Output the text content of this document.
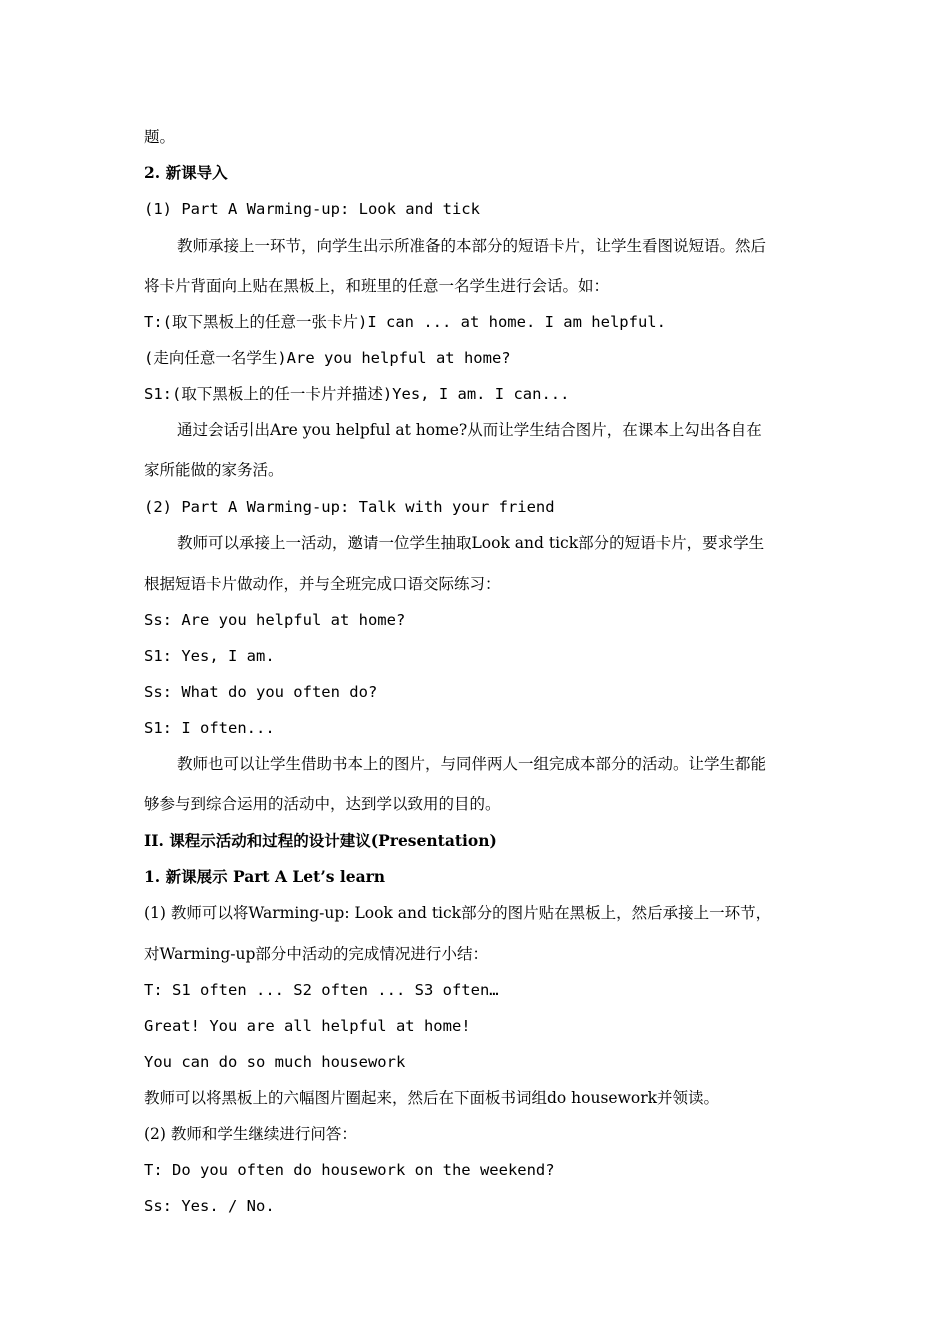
题。
2. 新课导入
(1) Part A Warming-up: Look and tick
教师承接上一环节，向学生出示所准备的本部分的短语卡片，让学生看图说短语。然后
将卡片背面向上贴在黑板上，和班里的任意一名学生进行会话。如：
T:(取下黑板上的任意一张卡片)I can ... at home. I am helpful.
(走向任意一名学生)Are you helpful at home?
S1:(取下黑板上的任一卡片并描述)Yes, I am. I can...
通过会话引出Are you helpful at home?从而让学生结合图片，在课本上勾出各自在
家所能做的家务活。
(2) Part A Warming-up: Talk with your friend
教师可以承接上一活动，邀请一位学生抽取Look and tick部分的短语卡片，要求学生
根据短语卡片做动作，并与全班完成口语交际练习：
Ss: Are you helpful at home?
S1: Yes, I am.
Ss: What do you often do?
S1: I often...
教师也可以让学生借助书本上的图片，与同伴两人一组完成本部分的活动。让学生都能
够参与到综合运用的活动中，达到学以致用的目的。
II. 课程示活动和过程的设计建议(Presentation)
1. 新课展示 Part A Let’s learn
(1) 教师可以将Warming-up: Look and tick部分的图片贴在黑板上，然后承接上一环节，
对Warming-up部分中活动的完成情况进行小结：
T: S1 often ... S2 often ... S3 often…
Great! You are all helpful at home!
You can do so much housework
教师可以将黑板上的六幅图片圈起来，然后在下面板书词组do housework并领读。
(2) 教师和学生继续进行问答：
T: Do you often do housework on the weekend?
Ss: Yes. / No.
